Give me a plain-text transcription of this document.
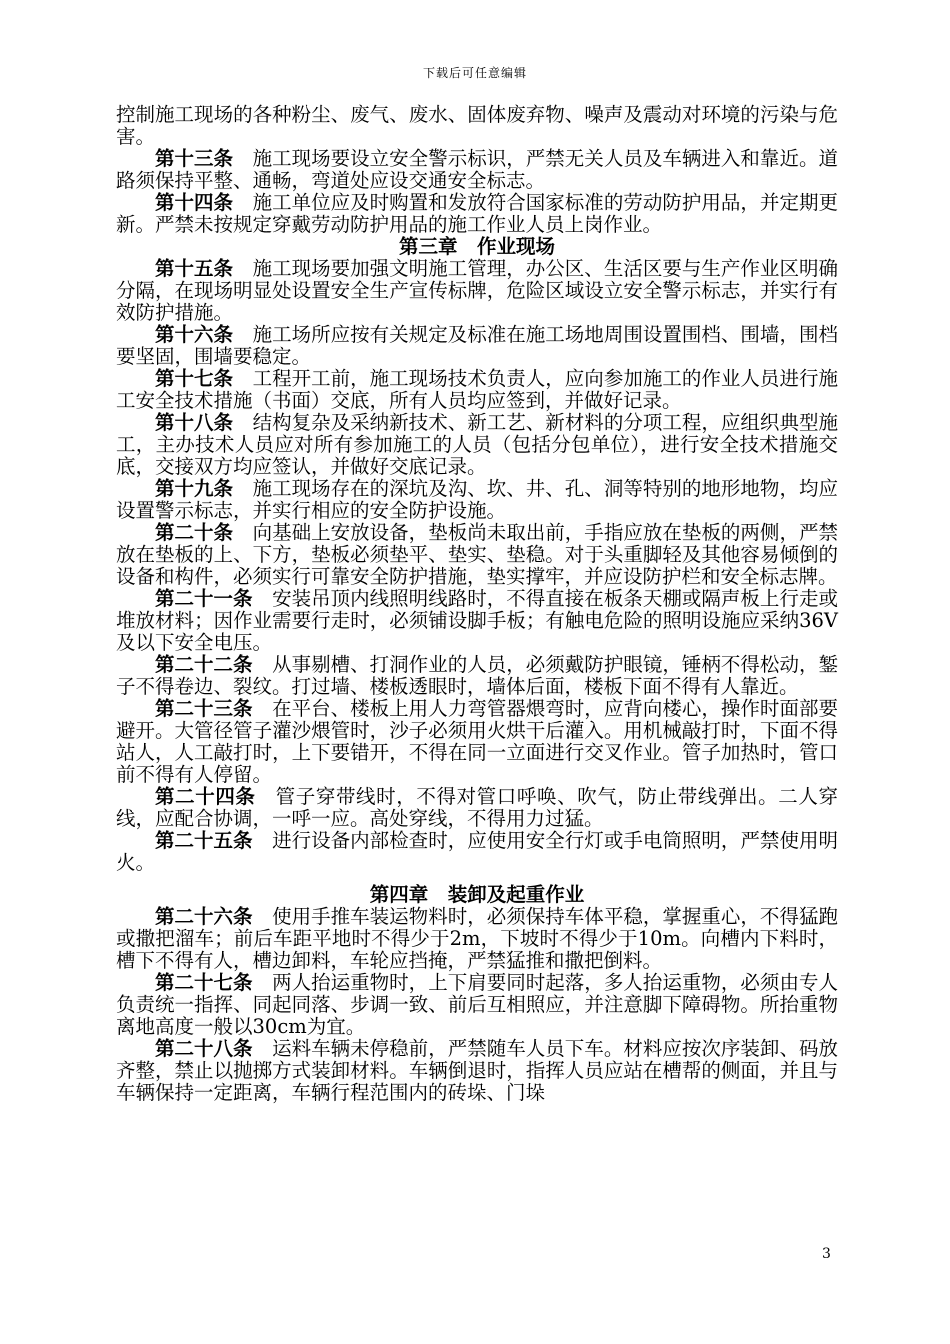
下载后可任意编辑

控制施工现场的各种粉尘、废气、废水、固体废弃物、噪声及震动对环境的污染与危害。

第十三条　 施工现场要设立安全警示标识，严禁无关人员及车辆进入和靠近。道路须保持平整、通畅，弯道处应设交通安全标志。

第十四条　 施工单位应及时购置和发放符合国家标准的劳动防护用品，并定期更新。严禁未按规定穿戴劳动防护用品的施工作业人员上岗作业。

第三章　 作业现场

第十五条　 施工现场要加强文明施工管理，办公区、生活区要与生产作业区明确分隔，在现场明显处设置安全生产宣传标牌，危险区域设立安全警示标志，并实行有效防护措施。

第十六条　 施工场所应按有关规定及标准在施工场地周围设置围档、围墙，围档要坚固，围墙要稳定。

第十七条　 工程开工前，施工现场技术负责人，应向参加施工的作业人员进行施工安全技术措施（书面）交底，所有人员均应签到，并做好记录。

第十八条　 结构复杂及采纳新技术、新工艺、新材料的分项工程，应组织典型施工，主办技术人员应对所有参加施工的人员（包括分包单位），进行安全技术措施交底，交接双方均应签认，并做好交底记录。

第十九条　 施工现场存在的深坑及沟、坎、井、孔、洞等特别的地形地物，均应设置警示标志，并实行相应的安全防护设施。

第二十条　 向基础上安放设备，垫板尚未取出前，手指应放在垫板的两侧，严禁放在垫板的上、下方，垫板必须垫平、垫实、垫稳。对于头重脚轻及其他容易倾倒的设备和构件，必须实行可靠安全防护措施，垫实撑牢，并应设防护栏和安全标志牌。

第二十一条　 安装吊顶内线照明线路时，不得直接在板条天棚或隔声板上行走或堆放材料；因作业需要行走时，必须铺设脚手板；有触电危险的照明设施应采纳36V及以下安全电压。

第二十二条　 从事剔槽、打洞作业的人员，必须戴防护眼镜，锤柄不得松动，錾子不得卷边、裂纹。打过墙、楼板透眼时，墙体后面，楼板下面不得有人靠近。

第二十三条　 在平台、楼板上用人力弯管器煨弯时，应背向楼心，操作时面部要避开。大管径管子灌沙煨管时，沙子必须用火烘干后灌入。用机械敲打时，下面不得站人，人工敲打时，上下要错开，不得在同一立面进行交叉作业。管子加热时，管口前不得有人停留。

第二十四条　 管子穿带线时，不得对管口呼唤、吹气，防止带线弹出。二人穿线，应配合协调，一呼一应。高处穿线，不得用力过猛。

第二十五条　 进行设备内部检查时，应使用安全行灯或手电筒照明，严禁使用明火。

第四章　 装卸及起重作业

第二十六条　 使用手推车装运物料时，必须保持车体平稳，掌握重心，不得猛跑或撒把溜车；前后车距平地时不得少于2m，下坡时不得少于10m。向槽内下料时，槽下不得有人，槽边卸料，车轮应挡掩，严禁猛推和撒把倒料。

第二十七条　 两人抬运重物时，上下肩要同时起落，多人抬运重物，必须由专人负责统一指挥、同起同落、步调一致、前后互相照应，并注意脚下障碍物。所抬重物离地高度一般以30cm为宜。

第二十八条　 运料车辆未停稳前，严禁随车人员下车。材料应按次序装卸、码放齐整，禁止以抛掷方式装卸材料。车辆倒退时，指挥人员应站在槽帮的侧面，并且与车辆保持一定距离，车辆行程范围内的砖垛、门垛

3
